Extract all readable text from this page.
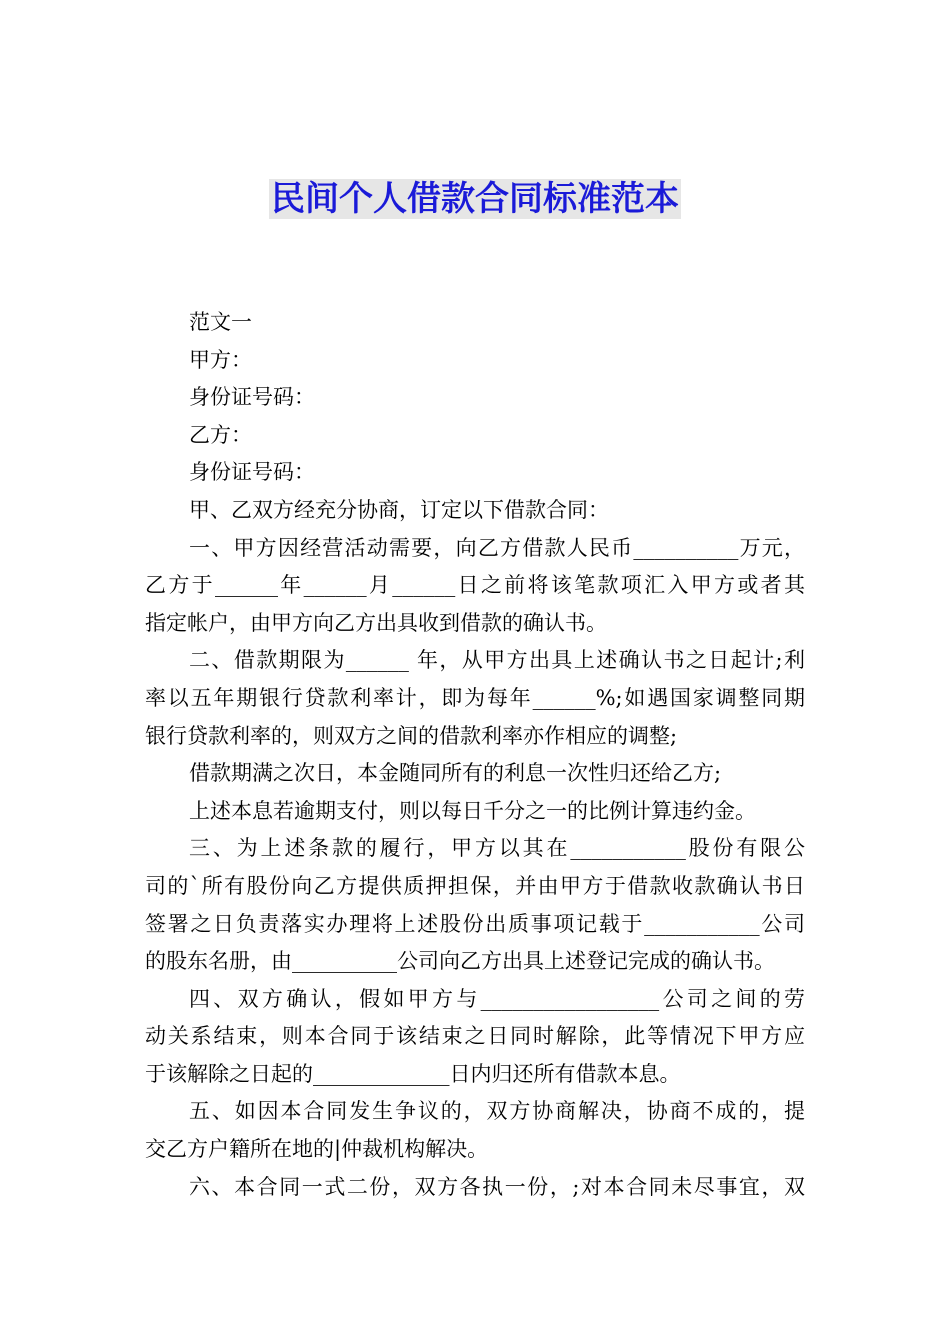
民间个人借款合同标准范本
范文一
甲方：
身份证号码：
乙方：
身份证号码：
甲、乙双方经充分协商，订定以下借款合同：
一、甲方因经营活动需要，向乙方借款人民币__________万元，
乙方于______年______月______日之前将该笔款项汇入甲方或者其
指定帐户，由甲方向乙方出具收到借款的确认书。
二、借款期限为______ 年，从甲方出具上述确认书之日起计;利
率以五年期银行贷款利率计，即为每年______%;如遇国家调整同期
银行贷款利率的，则双方之间的借款利率亦作相应的调整;
借款期满之次日，本金随同所有的利息一次性归还给乙方;
上述本息若逾期支付，则以每日千分之一的比例计算违约金。
三、为上述条款的履行，甲方以其在___________股份有限公
司的`所有股份向乙方提供质押担保，并由甲方于借款收款确认书日
签署之日负责落实办理将上述股份出质事项记载于___________公司
的股东名册，由__________公司向乙方出具上述登记完成的确认书。
四、双方确认，假如甲方与_________________公司之间的劳
动关系结束，则本合同于该结束之日同时解除，此等情况下甲方应
于该解除之日起的_____________日内归还所有借款本息。
五、如因本合同发生争议的，双方协商解决，协商不成的，提
交乙方户籍所在地的|仲裁机构解决。
六、本合同一式二份，双方各执一份，;对本合同未尽事宜，双
